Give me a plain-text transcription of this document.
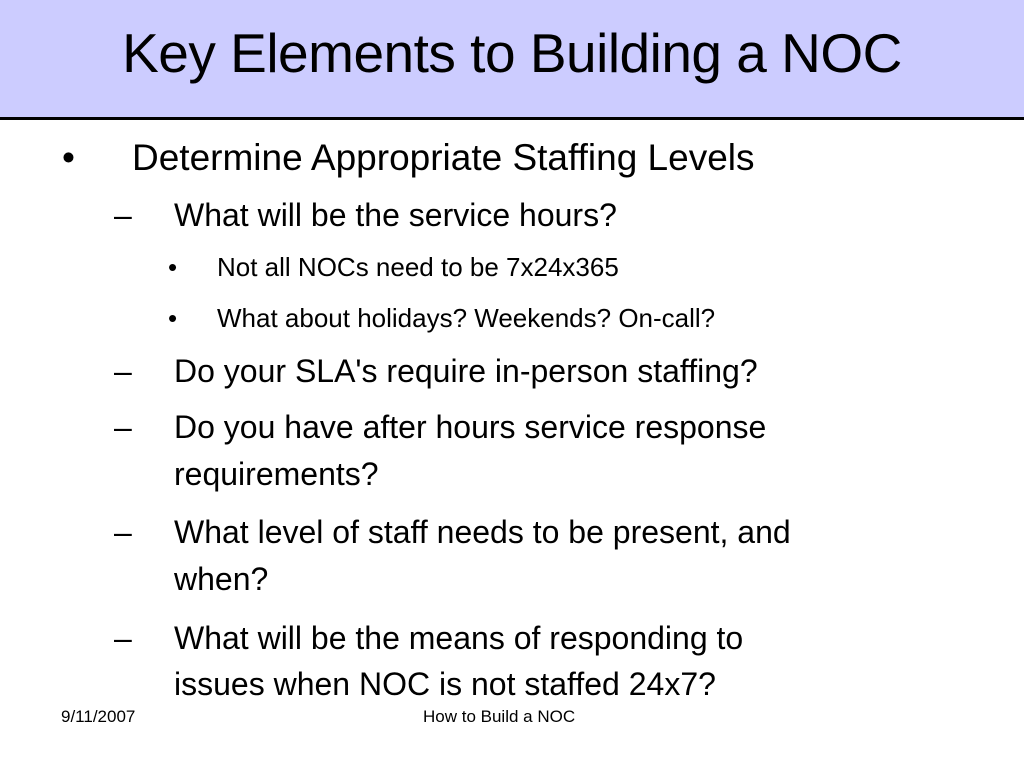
Key Elements to Building a NOC
• Determine Appropriate Staffing Levels
– What will be the service hours?
• Not all NOCs need to be 7x24x365
• What about holidays? Weekends? On-call?
– Do your SLA's require in-person staffing?
– Do you have after hours service response
requirements?
– What level of staff needs to be present, and
when?
– What will be the means of responding to
issues when NOC is not staffed 24x7?
9/11/2007	How to Build a NOC
